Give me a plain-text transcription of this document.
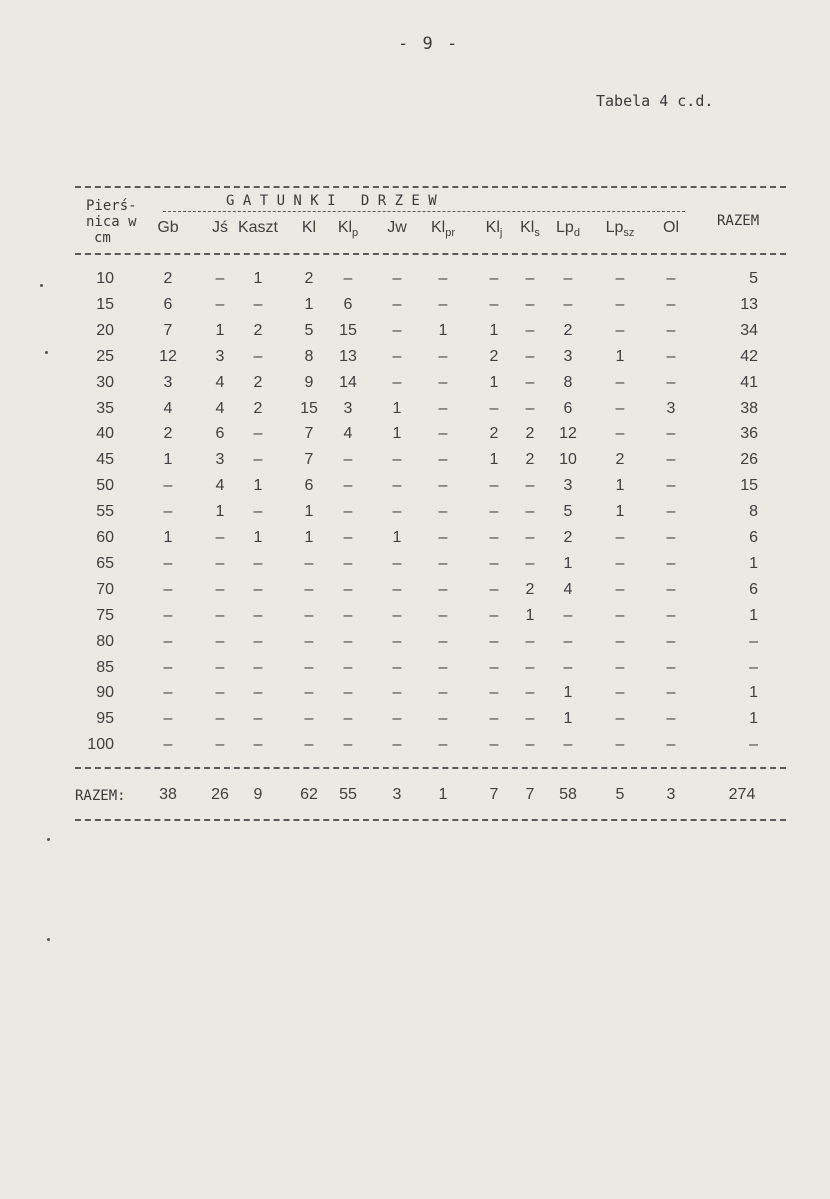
- 9 -
Tabela 4 c.d.
Pierś-
nica w
cm
G A T U N K I   D R Z E W
RAZEM
Gb	Jś Kaszt	Kl	$Kl_p$	Jw	$Kl_{pr}$	$Kl_j$	$Kl_s$	$Lp_d$	$Lp_{sz}$	Ol
10	2	–	1	2	–	–	–	–	–	–	–	–	5
15	6	–	–	1	6	–	–	–	–	–	–	–	13
20	7	1	2	5	15	–	1	1	–	2	–	–	34
25	12	3	–	8	13	–	–	2	–	3	1	–	42
30	3	4	2	9	14	–	–	1	–	8	–	–	41
35	4	4	2	15	3	1	–	–	–	6	–	3	38
40	2	6	–	7	4	1	–	2	2	12	–	–	36
45	1	3	–	7	–	–	–	1	2	10	2	–	26
50	–	4	1	6	–	–	–	–	–	3	1	–	15
55	–	1	–	1	–	–	–	–	–	5	1	–	8
60	1	–	1	1	–	1	–	–	–	2	–	–	6
65	–	–	–	–	–	–	–	–	–	1	–	–	1
70	–	–	–	–	–	–	–	–	2	4	–	–	6
75	–	–	–	–	–	–	–	–	1	–	–	–	1
80	–	–	–	–	–	–	–	–	–	–	–	–	–
85	–	–	–	–	–	–	–	–	–	–	–	–	–
90	–	–	–	–	–	–	–	–	–	1	–	–	1
95	–	–	–	–	–	–	–	–	–	1	–	–	1
100	–	–	–	–	–	–	–	–	–	–	–	–	–
RAZEM:	38	26	9	62	55	3	1	7	7	58	5	3	274
